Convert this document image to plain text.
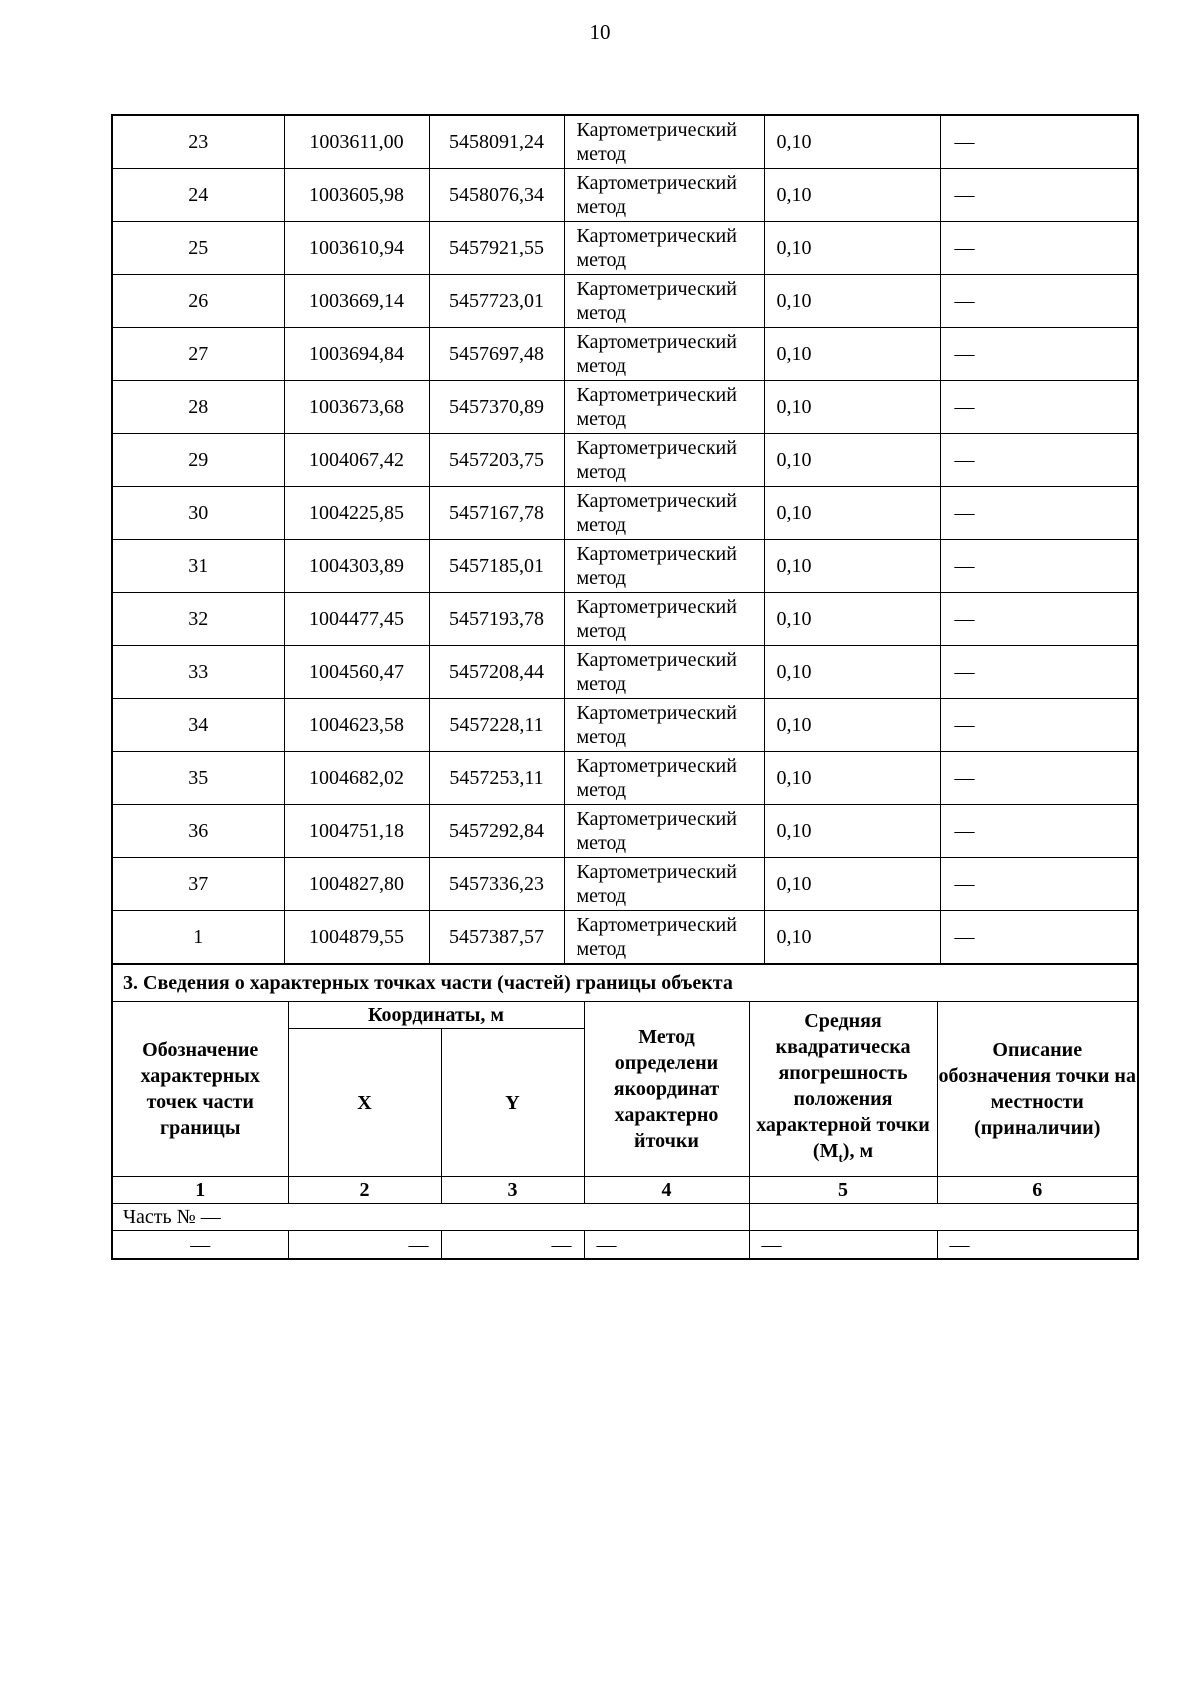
10
23	1003611,00	5458091,24	Картометрический метод	0,10	—
24	1003605,98	5458076,34	Картометрический метод	0,10	—
25	1003610,94	5457921,55	Картометрический метод	0,10	—
26	1003669,14	5457723,01	Картометрический метод	0,10	—
27	1003694,84	5457697,48	Картометрический метод	0,10	—
28	1003673,68	5457370,89	Картометрический метод	0,10	—
29	1004067,42	5457203,75	Картометрический метод	0,10	—
30	1004225,85	5457167,78	Картометрический метод	0,10	—
31	1004303,89	5457185,01	Картометрический метод	0,10	—
32	1004477,45	5457193,78	Картометрический метод	0,10	—
33	1004560,47	5457208,44	Картометрический метод	0,10	—
34	1004623,58	5457228,11	Картометрический метод	0,10	—
35	1004682,02	5457253,11	Картометрический метод	0,10	—
36	1004751,18	5457292,84	Картометрический метод	0,10	—
37	1004827,80	5457336,23	Картометрический метод	0,10	—
1	1004879,55	5457387,57	Картометрический метод	0,10	—
3. Сведения о характерных точках части (частей) границы объекта					
Обозначение характерных точек части границы	Координаты, м		Метод определени якоординат характерно йточки	Средняя квадратическа япогрешность положения характерной точки $(М_t)$, м	Описание обозначения точки на местности (приналичии)
	X	Y			
1	2	3	4	5	6
Часть № —					
—	—	—	—	—	—
